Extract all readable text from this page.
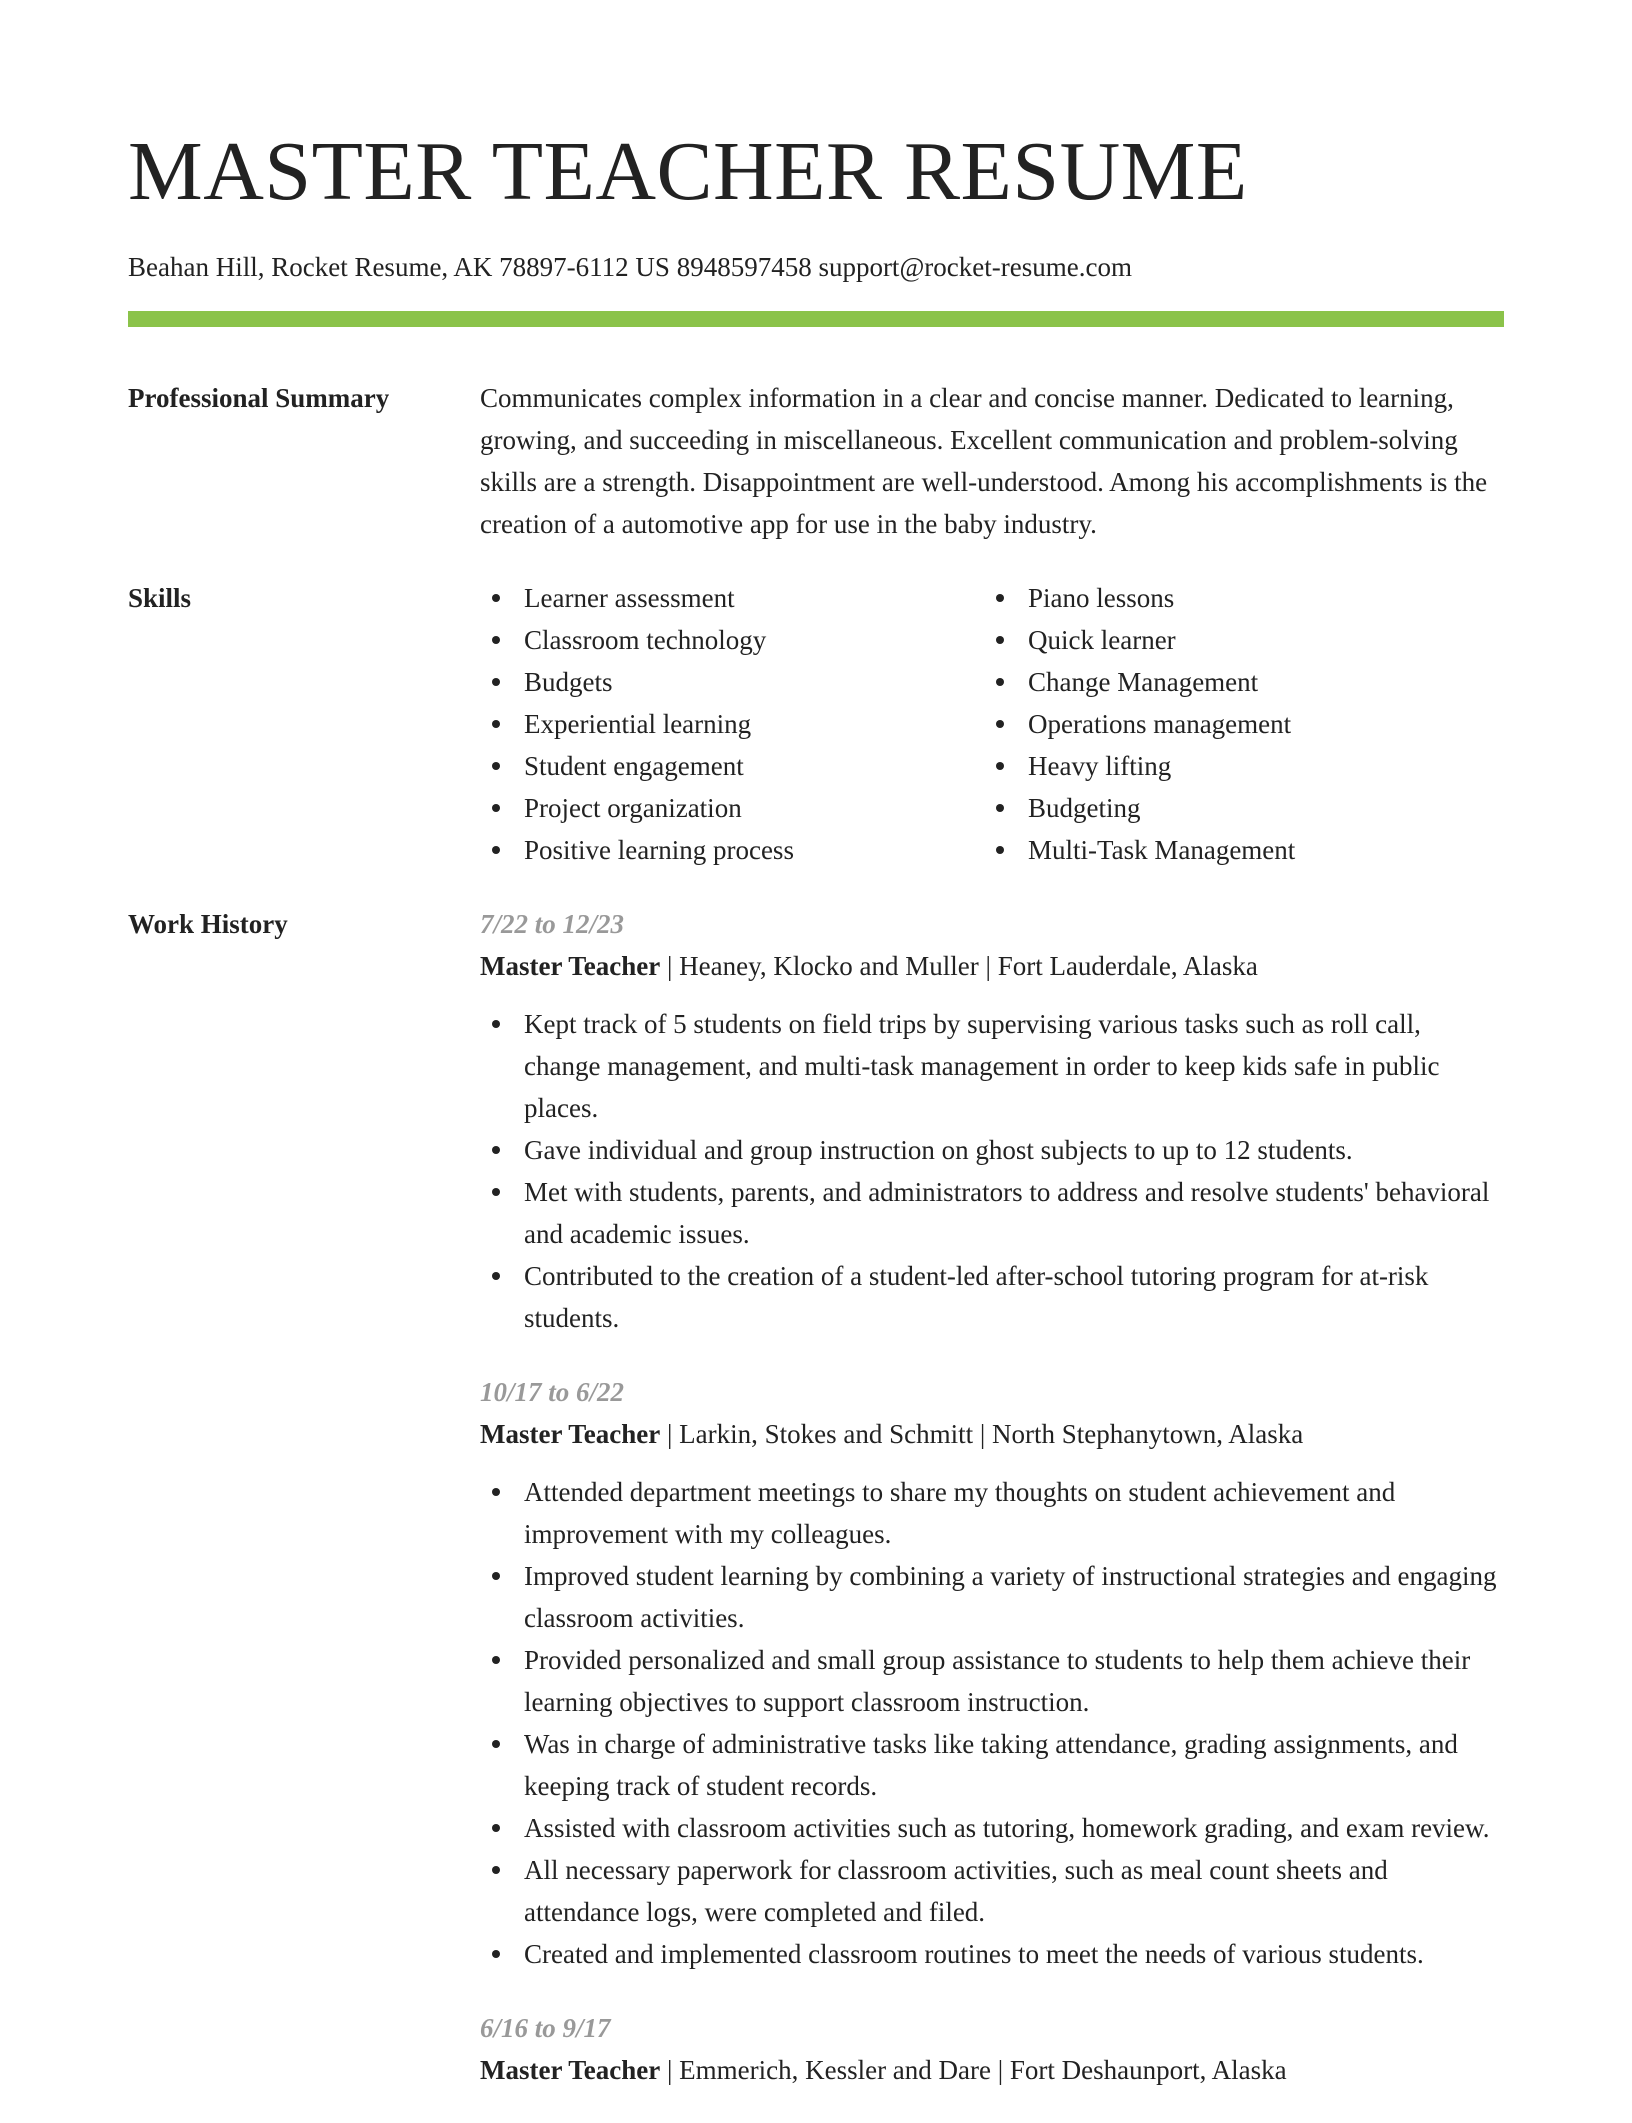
MASTER TEACHER RESUME
Beahan Hill, Rocket Resume, AK 78897-6112 US 8948597458 support@rocket-resume.com
Professional Summary	Communicates complex information in a clear and concise manner. Dedicated to learning, growing, and succeeding in miscellaneous. Excellent communication and problem-solving skills are a strength. Disappointment are well-understood. Among his accomplishments is the creation of a automotive app for use in the baby industry.
Skills	Learner assessment
Classroom technology
Budgets
Experiential learning
Student engagement
Project organization
Positive learning process
Piano lessons
Quick learner
Change Management
Operations management
Heavy lifting
Budgeting
Multi-Task Management
Work History	7/22 to 12/23
Master Teacher | Heaney, Klocko and Muller | Fort Lauderdale, Alaska
Kept track of 5 students on field trips by supervising various tasks such as roll call, change management, and multi-task management in order to keep kids safe in public places.
Gave individual and group instruction on ghost subjects to up to 12 students.
Met with students, parents, and administrators to address and resolve students' behavioral and academic issues.
Contributed to the creation of a student-led after-school tutoring program for at-risk students.
10/17 to 6/22
Master Teacher | Larkin, Stokes and Schmitt | North Stephanytown, Alaska
Attended department meetings to share my thoughts on student achievement and improvement with my colleagues.
Improved student learning by combining a variety of instructional strategies and engaging classroom activities.
Provided personalized and small group assistance to students to help them achieve their learning objectives to support classroom instruction.
Was in charge of administrative tasks like taking attendance, grading assignments, and keeping track of student records.
Assisted with classroom activities such as tutoring, homework grading, and exam review.
All necessary paperwork for classroom activities, such as meal count sheets and attendance logs, were completed and filed.
Created and implemented classroom routines to meet the needs of various students.
6/16 to 9/17
Master Teacher | Emmerich, Kessler and Dare | Fort Deshaunport, Alaska
